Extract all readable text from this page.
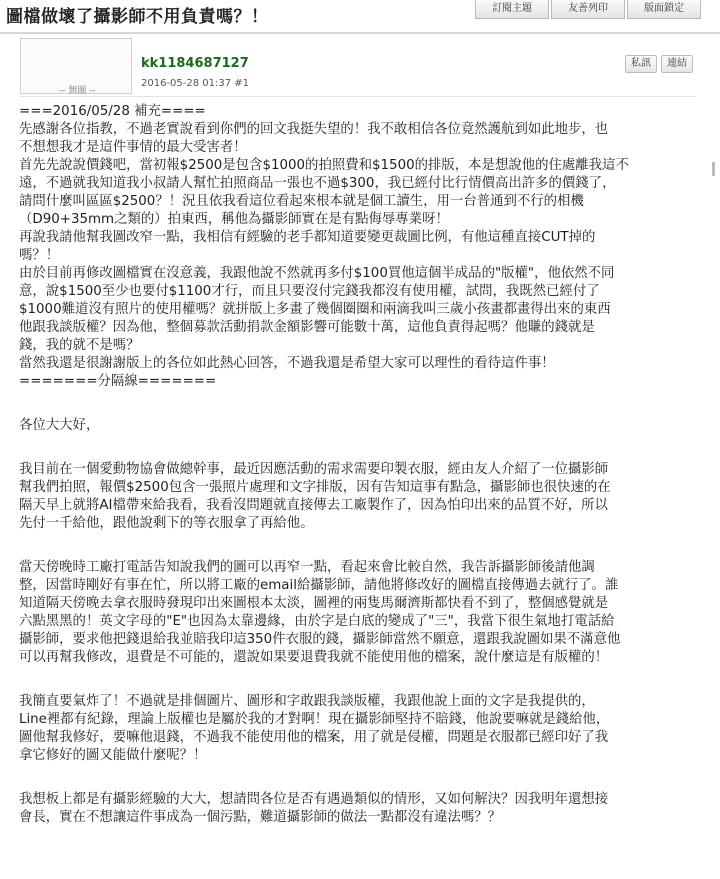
圖檔做壞了攝影師不用負責嗎？！	訂閱主題	友善列印	版面鎖定
-- 無圖 --
kk1184687127
2016-05-28 01:37 #1
私訊	連結
===2016/05/28 補充====
先感謝各位指教，不過老實說看到你們的回文我挺失望的！我不敢相信各位竟然護航到如此地步，也
不想想我才是這件事情的最大受害者！
首先先說說價錢吧，當初報$2500是包含$1000的拍照費和$1500的排版，本是想說他的住處離我這不
遠，不過就我知道我小叔請人幫忙拍照商品一張也不過$300，我已經付比行情價高出許多的價錢了，
請問什麼叫區區$2500？！況且依我看這位看起來根本就是個工讀生，用一台普通到不行的相機
（D90+35mm之類的）拍東西，稱他為攝影師實在是有點侮辱專業呀！
再說我請他幫我圖改窄一點，我相信有經驗的老手都知道要變更裁圖比例，有他這種直接CUT掉的
嗎？！
由於目前再修改圖檔實在沒意義，我跟他說不然就再多付$100買他這個半成品的"版權"，他依然不同
意，說$1500至少也要付$1100才行，而且只要沒付完錢我都沒有使用權，試問，我既然已經付了
$1000難道沒有照片的使用權嗎？就拼版上多畫了幾個圈圈和兩滴我叫三歲小孩畫都畫得出來的東西
他跟我談版權？因為他，整個募款活動捐款金額影響可能數十萬，這他負責得起嗎？他賺的錢就是
錢，我的就不是嗎？
當然我還是很謝謝版上的各位如此熱心回答，不過我還是希望大家可以理性的看待這件事！
=======分隔線=======
各位大大好，
我目前在一個愛動物協會做總幹事，最近因應活動的需求需要印製衣服，經由友人介紹了一位攝影師
幫我們拍照，報價$2500包含一張照片處理和文字排版，因有告知這事有點急，攝影師也很快速的在
隔天早上就將AI檔帶來給我看，我看沒問題就直接傳去工廠製作了，因為怕印出來的品質不好，所以
先付一千給他，跟他說剩下的等衣服拿了再給他。
當天傍晚時工廠打電話告知說我們的圖可以再窄一點，看起來會比較自然，我告訴攝影師後請他調
整，因當時剛好有事在忙，所以將工廠的email給攝影師，請他將修改好的圖檔直接傳過去就行了。誰
知道隔天傍晚去拿衣服時發現印出來圖根本太淡，圖裡的兩隻馬爾濟斯都快看不到了，整個感覺就是
六點黑黑的！英文字母的"E"也因為太靠邊緣，由於字是白底的變成了"三"，我當下很生氣地打電話給
攝影師，要求他把錢退給我並賠我印這350件衣服的錢，攝影師當然不願意，還跟我說圖如果不滿意他
可以再幫我修改，退費是不可能的，還說如果要退費我就不能使用他的檔案，說什麼這是有版權的！
我簡直要氣炸了！不過就是排個圖片、圖形和字敢跟我談版權，我跟他說上面的文字是我提供的，
Line裡都有紀錄，理論上版權也是屬於我的才對啊！現在攝影師堅持不賠錢，他說要嘛就是錢給他，
圖他幫我修好，要嘛他退錢，不過我不能使用他的檔案，用了就是侵權，問題是衣服都已經印好了我
拿它修好的圖又能做什麼呢？！
我想板上都是有攝影經驗的大大，想請問各位是否有遇過類似的情形，又如何解決？因我明年還想接
會長，實在不想讓這件事成為一個污點，難道攝影師的做法一點都沒有違法嗎？？
